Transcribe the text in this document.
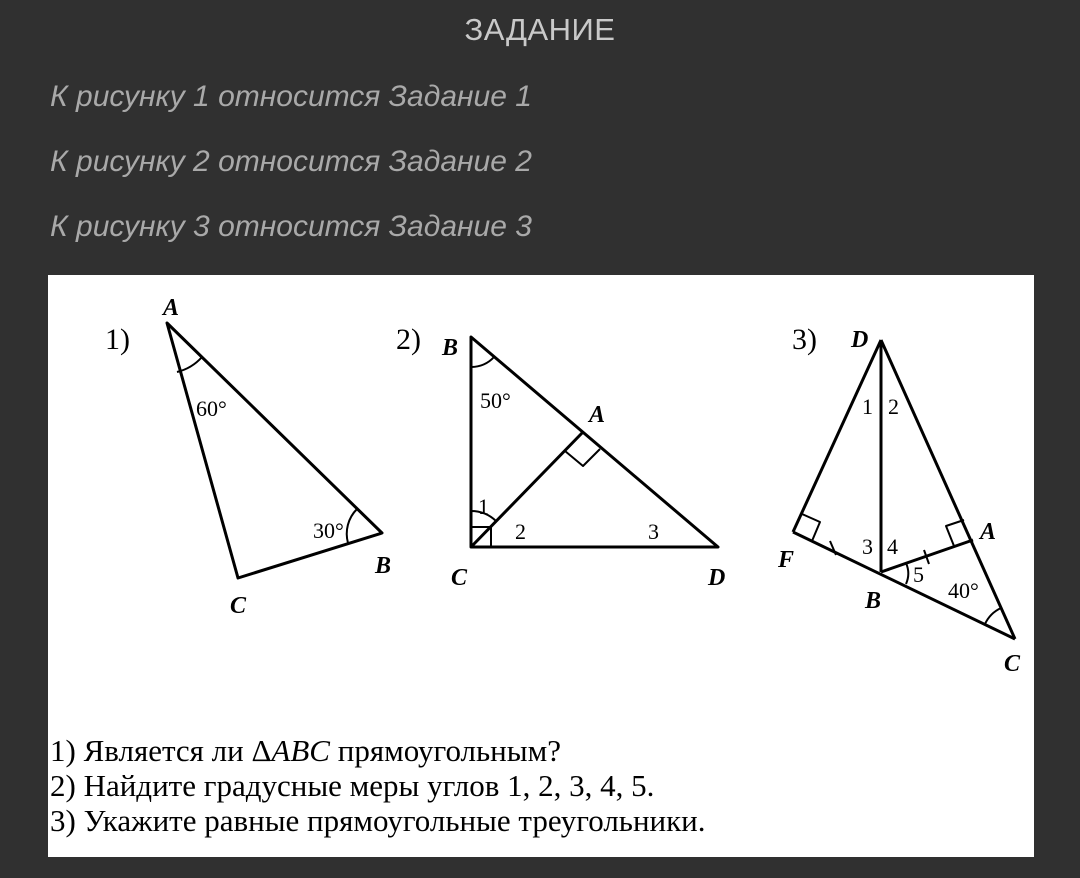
ЗАДАНИЕ
К рисунку 1 относится Задание 1
К рисунку 2 относится Задание 2
К рисунку 3 относится Задание 3
1)
A
B
C
60°
30°
2) B
A
C	D
50°
1
2	3
3) D
F
A
B
C
1 2
3 4
5
40°
1) Является ли ΔABC прямоугольным?
2) Найдите градусные меры углов 1, 2, 3, 4, 5.
3) Укажите равные прямоугольные треугольники.
